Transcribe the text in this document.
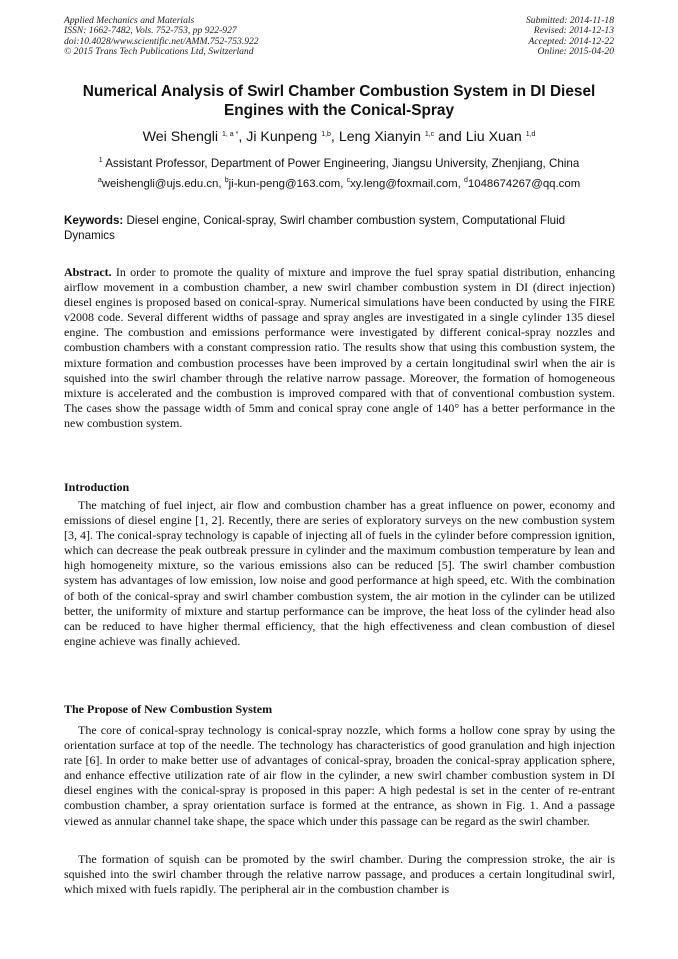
Applied Mechanics and Materials
ISSN: 1662-7482, Vols. 752-753, pp 922-927
doi:10.4028/www.scientific.net/AMM.752-753.922
© 2015 Trans Tech Publications Ltd, Switzerland
Submitted: 2014-11-18
Revised: 2014-12-13
Accepted: 2014-12-22
Online: 2015-04-20
Numerical Analysis of Swirl Chamber Combustion System in DI Diesel Engines with the Conical-Spray
Wei Shengli $^{1, a *}$, Ji Kunpeng $^{1,b}$, Leng Xianyin $^{1,c}$ and Liu Xuan $^{1,d}$
$^1$ Assistant Professor, Department of Power Engineering, Jiangsu University, Zhenjiang, China
$^a$weishengli@ujs.edu.cn, $^b$ji-kun-peng@163.com, $^c$xy.leng@foxmail.com, $^d$1048674267@qq.com
Keywords: Diesel engine, Conical-spray, Swirl chamber combustion system, Computational Fluid Dynamics

Abstract. In order to promote the quality of mixture and improve the fuel spray spatial distribution, enhancing airflow movement in a combustion chamber, a new swirl chamber combustion system in DI (direct injection) diesel engines is proposed based on conical-spray. Numerical simulations have been conducted by using the FIRE v2008 code. Several different widths of passage and spray angles are investigated in a single cylinder 135 diesel engine. The combustion and emissions performance were investigated by different conical-spray nozzles and combustion chambers with a constant compression ratio. The results show that using this combustion system, the mixture formation and combustion processes have been improved by a certain longitudinal swirl when the air is squished into the swirl chamber through the relative narrow passage. Moreover, the formation of homogeneous mixture is accelerated and the combustion is improved compared with that of conventional combustion system. The cases show the passage width of 5mm and conical spray cone angle of 140° has a better performance in the new combustion system.

Introduction

The matching of fuel inject, air flow and combustion chamber has a great influence on power, economy and emissions of diesel engine [1, 2]. Recently, there are series of exploratory surveys on the new combustion system [3, 4]. The conical-spray technology is capable of injecting all of fuels in the cylinder before compression ignition, which can decrease the peak outbreak pressure in cylinder and the maximum combustion temperature by lean and high homogeneity mixture, so the various emissions also can be reduced [5]. The swirl chamber combustion system has advantages of low emission, low noise and good performance at high speed, etc. With the combination of both of the conical-spray and swirl chamber combustion system, the air motion in the cylinder can be utilized better, the uniformity of mixture and startup performance can be improve, the heat loss of the cylinder head also can be reduced to have higher thermal efficiency, that the high effectiveness and clean combustion of diesel engine achieve was finally achieved.

The Propose of New Combustion System

The core of conical-spray technology is conical-spray nozzle, which forms a hollow cone spray by using the orientation surface at top of the needle. The technology has characteristics of good granulation and high injection rate [6]. In order to make better use of advantages of conical-spray, broaden the conical-spray application sphere, and enhance effective utilization rate of air flow in the cylinder, a new swirl chamber combustion system in DI diesel engines with the conical-spray is proposed in this paper: A high pedestal is set in the center of re-entrant combustion chamber, a spray orientation surface is formed at the entrance, as shown in Fig. 1. And a passage viewed as annular channel take shape, the space which under this passage can be regard as the swirl chamber.

The formation of squish can be promoted by the swirl chamber. During the compression stroke, the air is squished into the swirl chamber through the relative narrow passage, and produces a certain longitudinal swirl, which mixed with fuels rapidly. The peripheral air in the combustion chamber is
